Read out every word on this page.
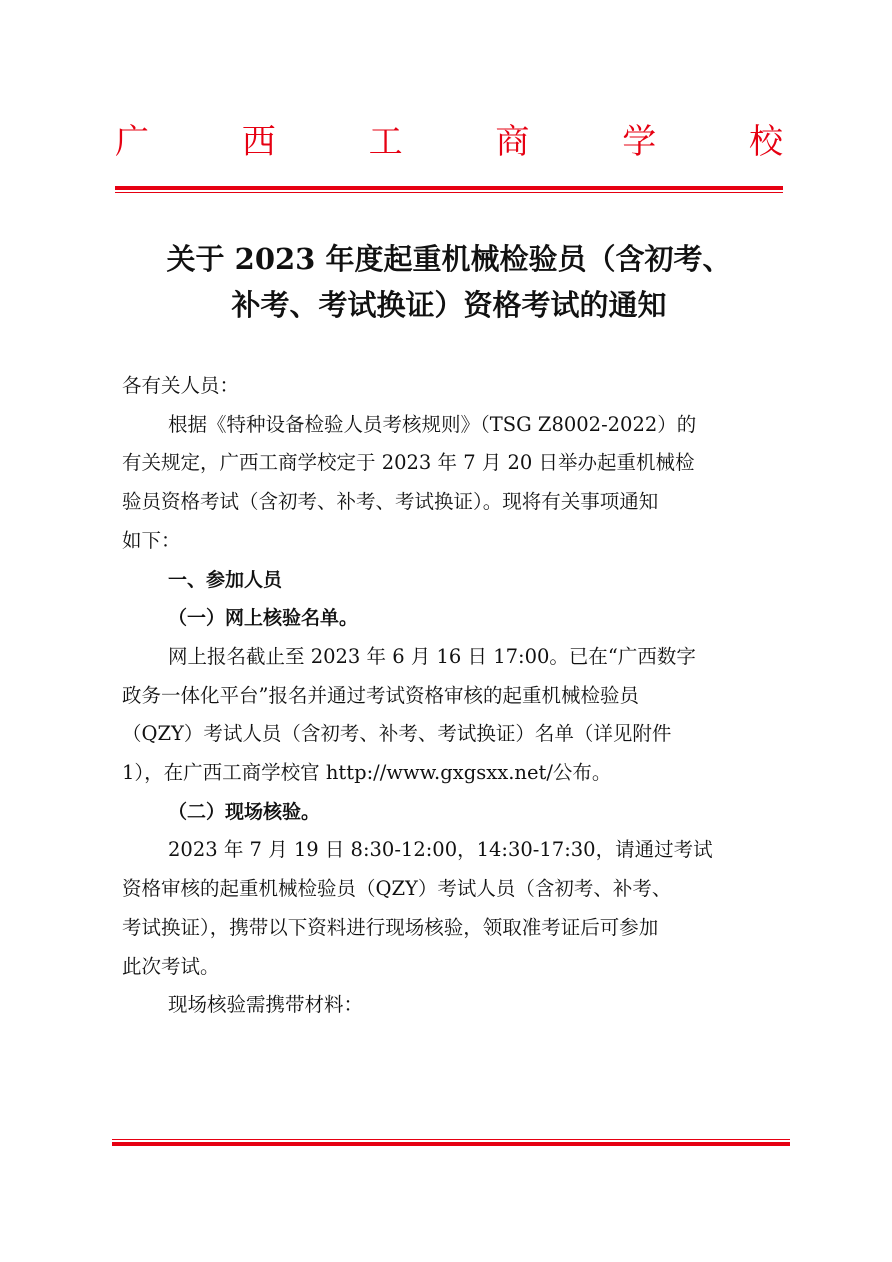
广	西	工	商	学	校
关于 2023 年度起重机械检验员（含初考、
补考、考试换证）资格考试的通知

各有关人员：

根据《特种设备检验人员考核规则》（TSG Z8002-2022）的

有关规定，广西工商学校定于 2023 年 7 月 20 日举办起重机械检

验员资格考试（含初考、补考、考试换证）。现将有关事项通知

如下：

一、参加人员

（一）网上核验名单。

网上报名截止至 2023 年 6 月 16 日 17:00。已在“广西数字

政务一体化平台”报名并通过考试资格审核的起重机械检验员

（QZY）考试人员（含初考、补考、考试换证）名单（详见附件

1），在广西工商学校官 http://www.gxgsxx.net/公布。

（二）现场核验。

2023 年 7 月 19 日 8:30-12:00，14:30-17:30，请通过考试

资格审核的起重机械检验员（QZY）考试人员（含初考、补考、

考试换证），携带以下资料进行现场核验，领取准考证后可参加

此次考试。

现场核验需携带材料：
